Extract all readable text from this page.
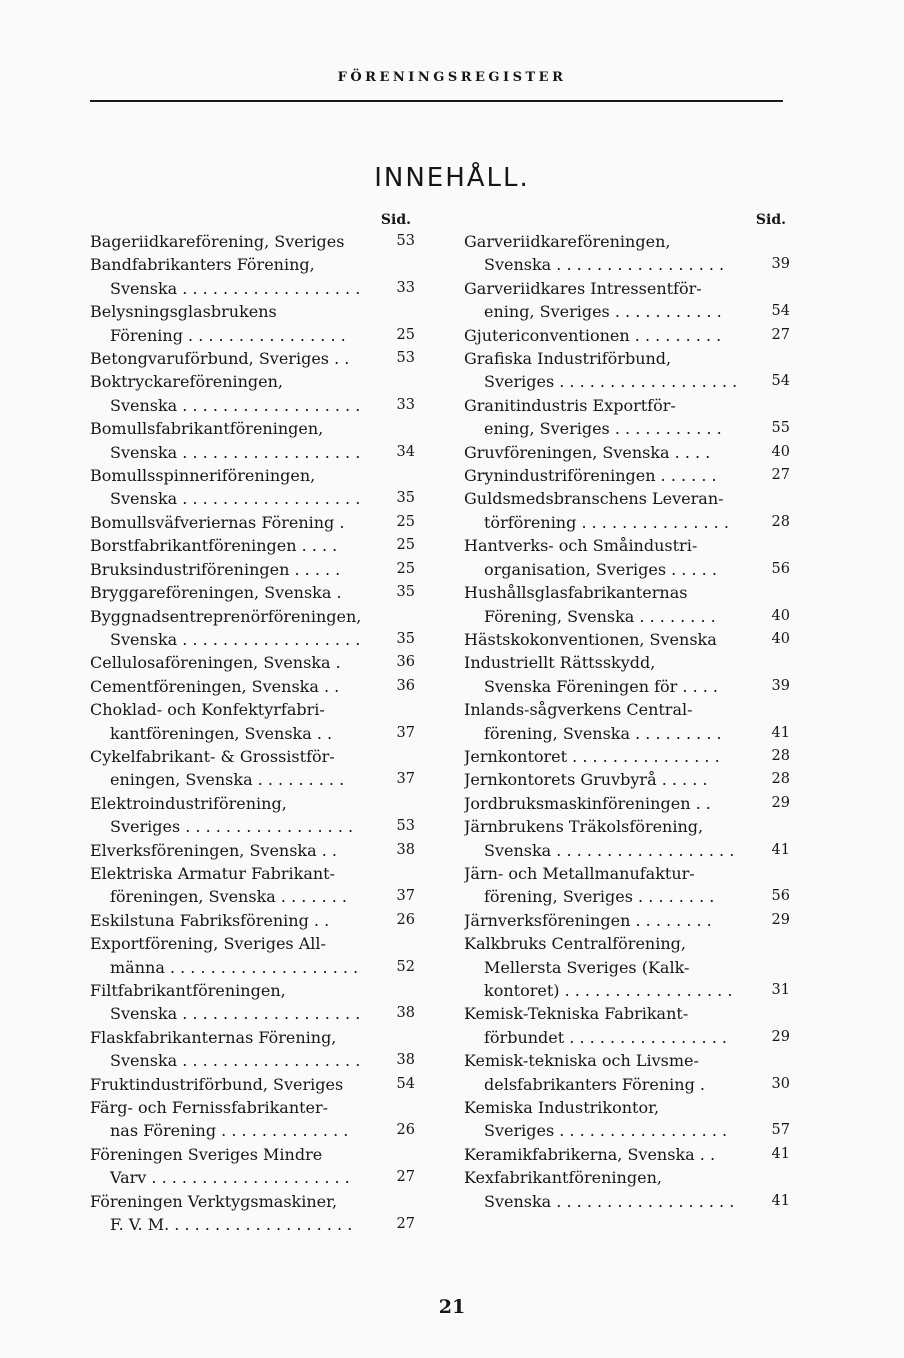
FÖRENINGSREGISTER
INNEHÅLL.
Sid.
Bageriidkareförening, Sveriges	53
Bandfabrikanters Förening,
Svenska . . . . . . . . . . . . . . . . . .	33
Belysningsglasbrukens
Förening . . . . . . . . . . . . . . . .	25
Betongvaruförbund, Sveriges . .	53
Boktryckareföreningen,
Svenska . . . . . . . . . . . . . . . . . .	33
Bomullsfabrikantföreningen,
Svenska . . . . . . . . . . . . . . . . . .	34
Bomullsspinneriföreningen,
Svenska . . . . . . . . . . . . . . . . . .	35
Bomullsväfveriernas Förening .	25
Borstfabrikantföreningen . . . .	25
Bruksindustriföreningen . . . . .	25
Bryggareföreningen, Svenska .	35
Byggnadsentreprenörföreningen,
Svenska . . . . . . . . . . . . . . . . . .	35
Cellulosaföreningen, Svenska .	36
Cementföreningen, Svenska . .	36
Choklad- och Konfektyrfabri-
kantföreningen, Svenska . .	37
Cykelfabrikant- & Grossistför-
eningen, Svenska . . . . . . . . .	37
Elektroindustriförening,
Sveriges . . . . . . . . . . . . . . . . .	53
Elverksföreningen, Svenska . .	38
Elektriska Armatur Fabrikant-
föreningen, Svenska . . . . . . .	37
Eskilstuna Fabriksförening . .	26
Exportförening, Sveriges All-
männa . . . . . . . . . . . . . . . . . . .	52
Filtfabrikantföreningen,
Svenska . . . . . . . . . . . . . . . . . .	38
Flaskfabrikanternas Förening,
Svenska . . . . . . . . . . . . . . . . . .	38
Fruktindustriförbund, Sveriges	54
Färg- och Fernissfabrikanter-
nas Förening . . . . . . . . . . . . .	26
Föreningen Sveriges Mindre
Varv . . . . . . . . . . . . . . . . . . . .	27
Föreningen Verktygsmaskiner,
F. V. M. . . . . . . . . . . . . . . . . . .	27
Sid.
Garveriidkareföreningen,
Svenska . . . . . . . . . . . . . . . . .	39
Garveriidkares Intressentför-
ening, Sveriges . . . . . . . . . . .	54
Gjutericonventionen . . . . . . . . .	27
Grafiska Industriförbund,
Sveriges . . . . . . . . . . . . . . . . . .	54
Granitindustris Exportför-
ening, Sveriges . . . . . . . . . . .	55
Gruvföreningen, Svenska . . . .	40
Grynindustriföreningen . . . . . .	27
Guldsmedsbranschens Leveran-
törförening . . . . . . . . . . . . . . .	28
Hantverks- och Småindustri-
organisation, Sveriges . . . . .	56
Hushållsglasfabrikanternas
Förening, Svenska . . . . . . . .	40
Hästskokonventionen, Svenska	40
Industriellt Rättsskydd,
Svenska Föreningen för . . . .	39
Inlands-sågverkens Central-
förening, Svenska . . . . . . . . .	41
Jernkontoret . . . . . . . . . . . . . . .	28
Jernkontorets Gruvbyrå . . . . .	28
Jordbruksmaskinföreningen . .	29
Järnbrukens Träkolsförening,
Svenska . . . . . . . . . . . . . . . . . .	41
Järn- och Metallmanufaktur-
förening, Sveriges . . . . . . . .	56
Järnverksföreningen . . . . . . . .	29
Kalkbruks Centralförening,
Mellersta Sveriges (Kalk-
kontoret) . . . . . . . . . . . . . . . . .	31
Kemisk-Tekniska Fabrikant-
förbundet . . . . . . . . . . . . . . . .	29
Kemisk-tekniska och Livsme-
delsfabrikanters Förening .	30
Kemiska Industrikontor,
Sveriges . . . . . . . . . . . . . . . . .	57
Keramikfabrikerna, Svenska . .	41
Kexfabrikantföreningen,
Svenska . . . . . . . . . . . . . . . . . .	41
21
